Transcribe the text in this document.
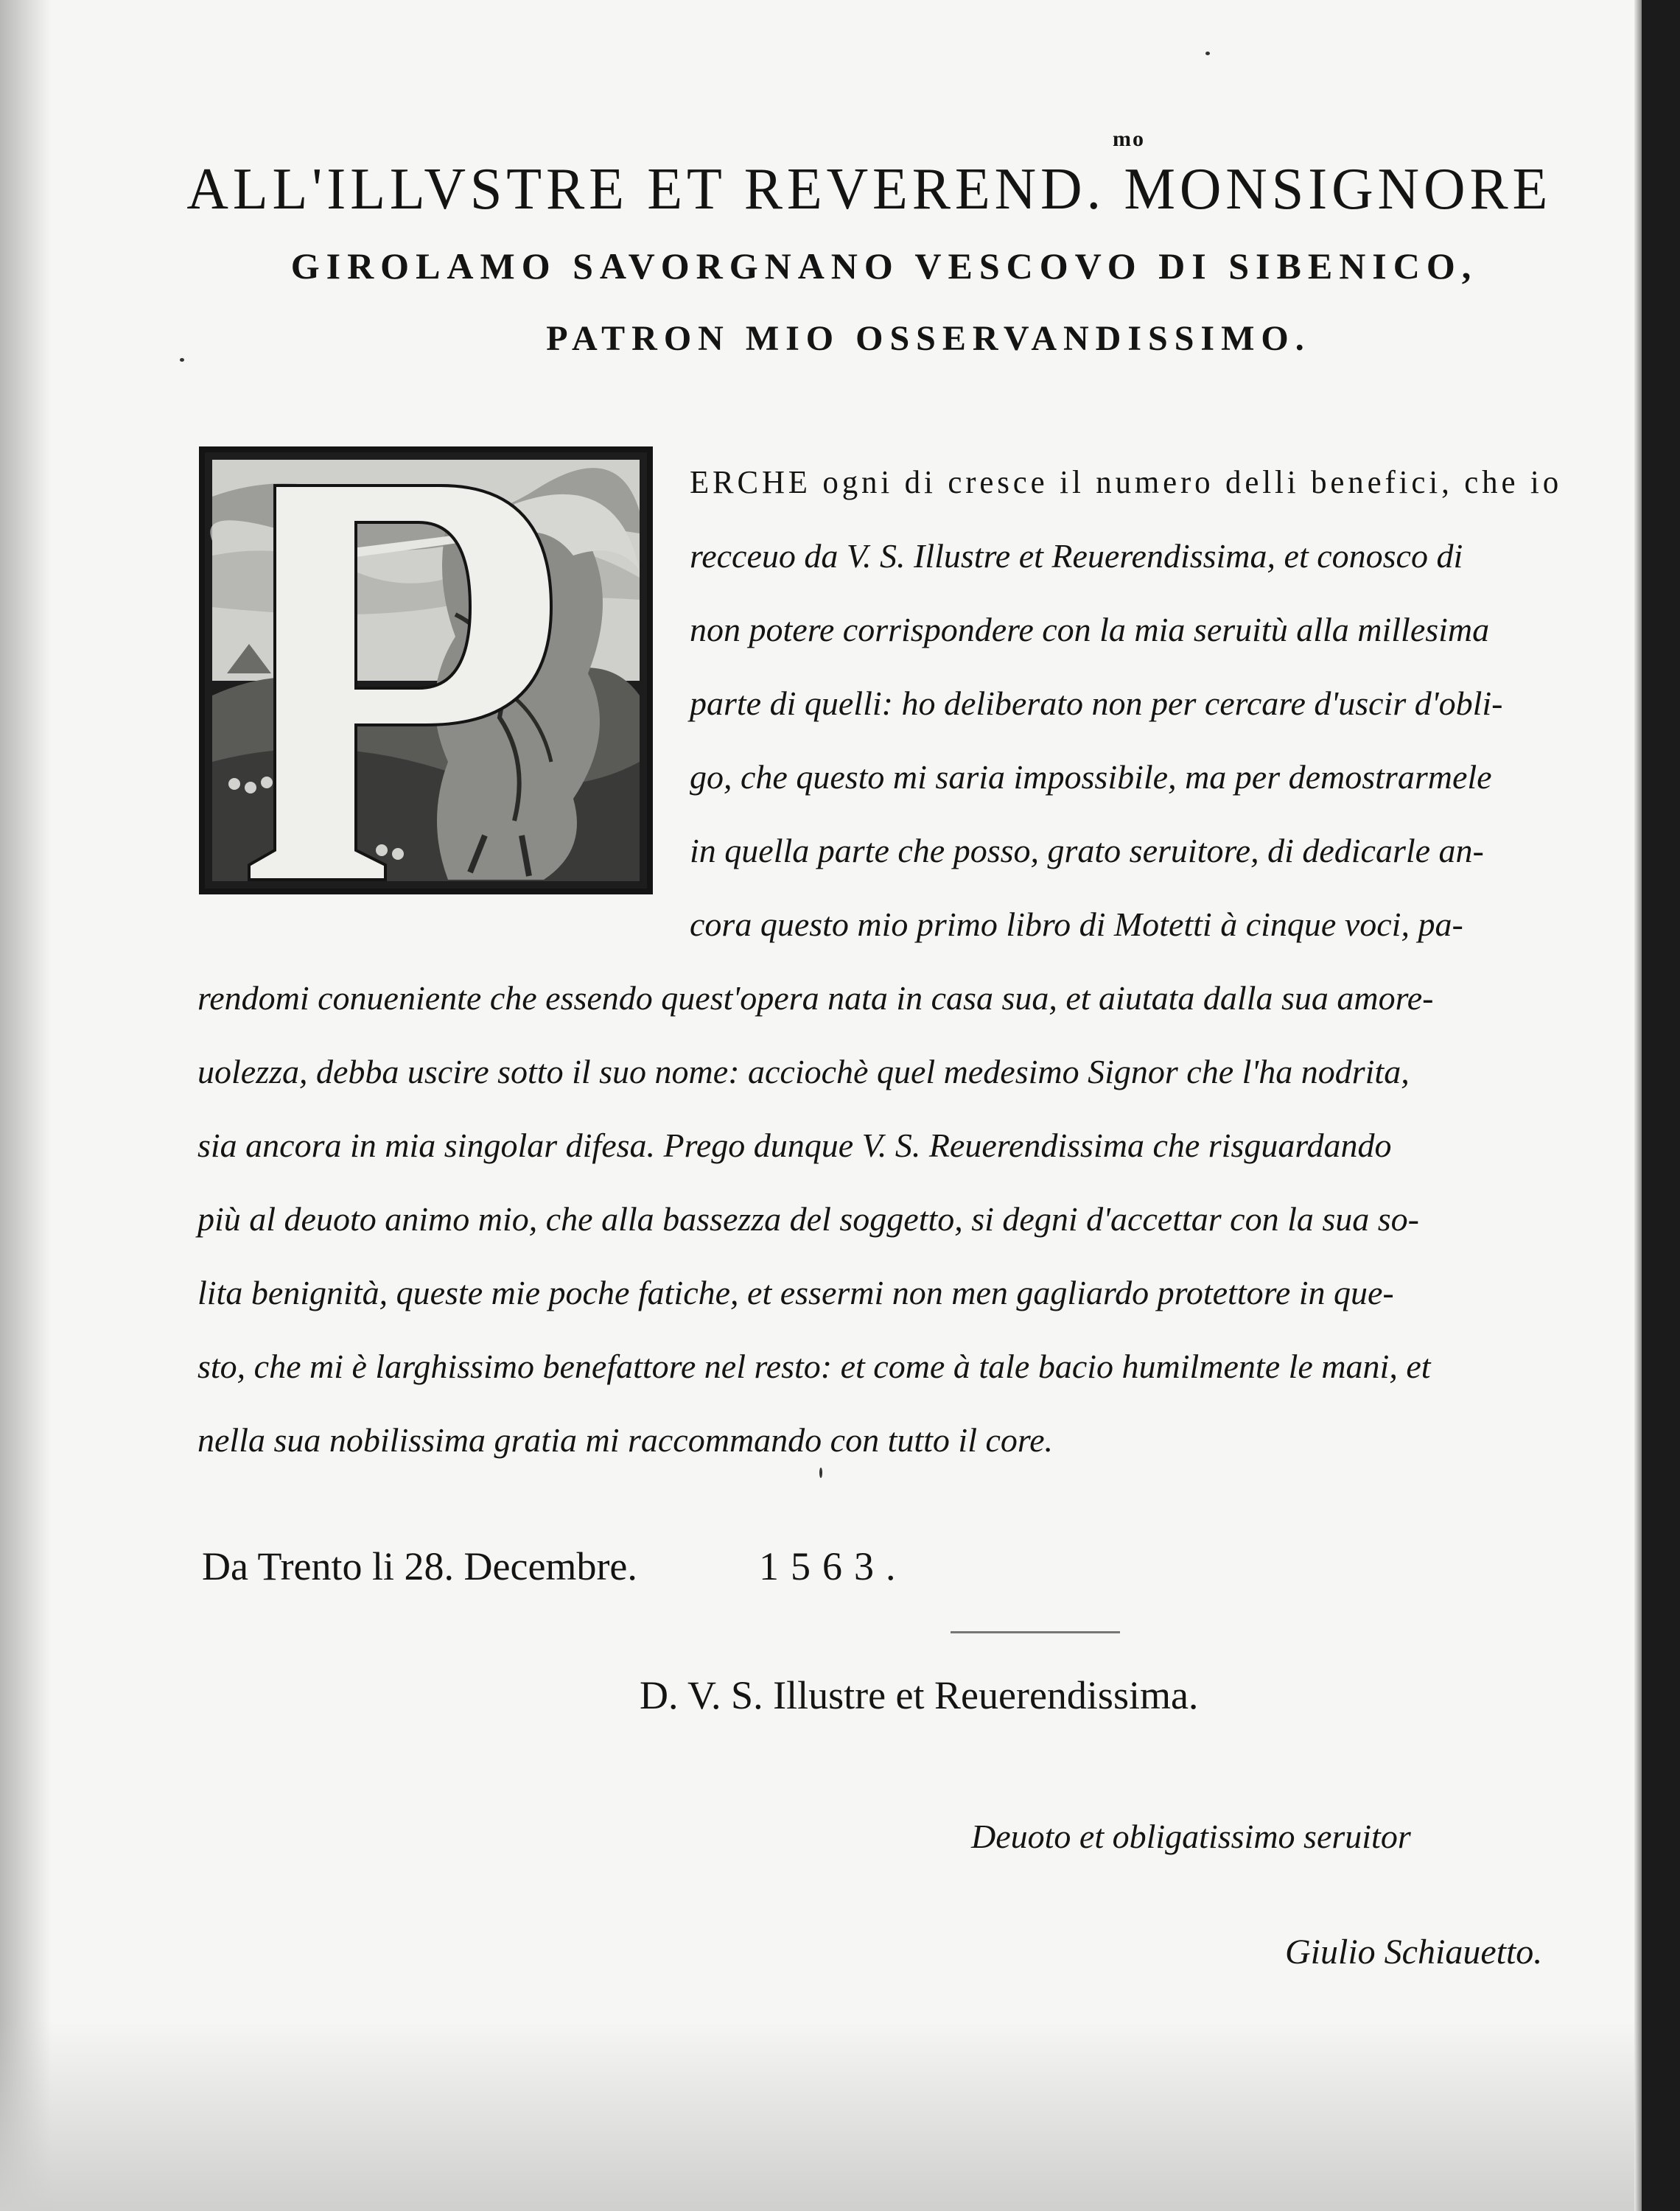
mo
ALL'ILLVSTRE ET REVEREND. MONSIGNORE
GIROLAMO SAVORGNANO VESCOVO DI SIBENICO,
PATRON MIO OSSERVANDISSIMO.
ERCHE ogni di cresce il numero delli benefici, che io
recceuo da V. S. Illustre et Reuerendissima, et conosco di
non potere corrispondere con la mia seruitù alla millesima
parte di quelli: ho deliberato non per cercare d'uscir d'obli-
go, che questo mi saria impossibile, ma per demostrarmele
in quella parte che posso, grato seruitore, di dedicarle an-
cora questo mio primo libro di Motetti à cinque voci, pa-
rendomi conueniente che essendo quest'opera nata in casa sua, et aiutata dalla sua amore-
uolezza, debba uscire sotto il suo nome: acciochè quel medesimo Signor che l'ha nodrita,
sia ancora in mia singolar difesa. Prego dunque V. S. Reuerendissima che risguardando
più al deuoto animo mio, che alla bassezza del soggetto, si degni d'accettar con la sua so-
lita benignità, queste mie poche fatiche, et essermi non men gagliardo protettore in que-
sto, che mi è larghissimo benefattore nel resto: et come à tale bacio humilmente le mani, et
nella sua nobilissima gratia mi raccommando con tutto il core.
Da Trento li 28. Decembre.	1563.
D. V. S. Illustre et Reuerendissima.
Deuoto et obligatissimo seruitor
Giulio Schiauetto.
